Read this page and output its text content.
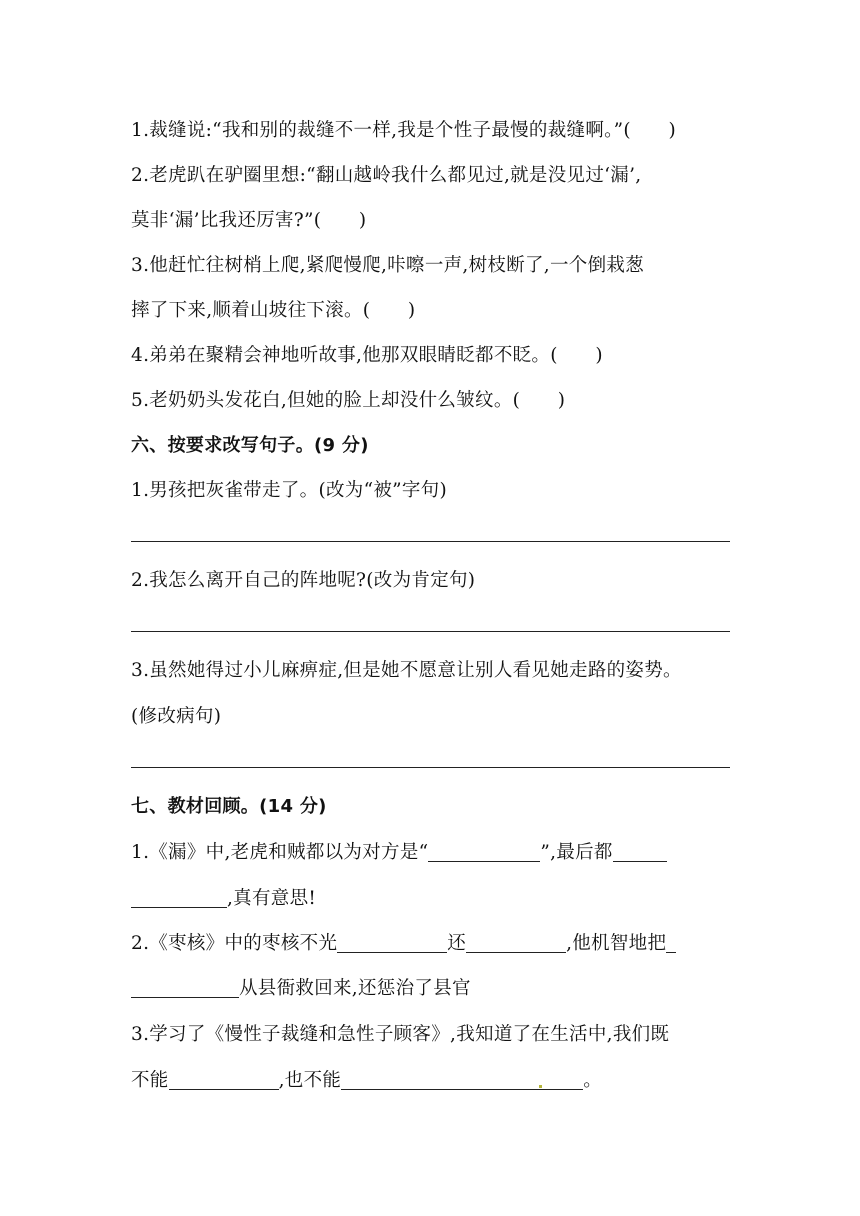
1.裁缝说:“我和别的裁缝不一样,我是个性子最慢的裁缝啊。”(　　)
2.老虎趴在驴圈里想:“翻山越岭我什么都见过,就是没见过‘漏’,
莫非‘漏’比我还厉害?”(　　)
3.他赶忙往树梢上爬,紧爬慢爬,咔嚓一声,树枝断了,一个倒栽葱
摔了下来,顺着山坡往下滚。(　　)
4.弟弟在聚精会神地听故事,他那双眼睛眨都不眨。(　　)
5.老奶奶头发花白,但她的脸上却没什么皱纹。(　　)
六、按要求改写句子。(9 分)
1.男孩把灰雀带走了。(改为“被”字句)
2.我怎么离开自己的阵地呢?(改为肯定句)
3.虽然她得过小儿麻痹症,但是她不愿意让别人看见她走路的姿势。
(修改病句)
七、教材回顾。(14 分)
1.《漏》中,老虎和贼都以为对方是“	”,最后都
,真有意思!
2.《枣核》中的枣核不光	还	,他机智地把
从县衙救回来,还惩治了县官
3.学习了《慢性子裁缝和急性子顾客》,我知道了在生活中,我们既
不能	,也不能	。
